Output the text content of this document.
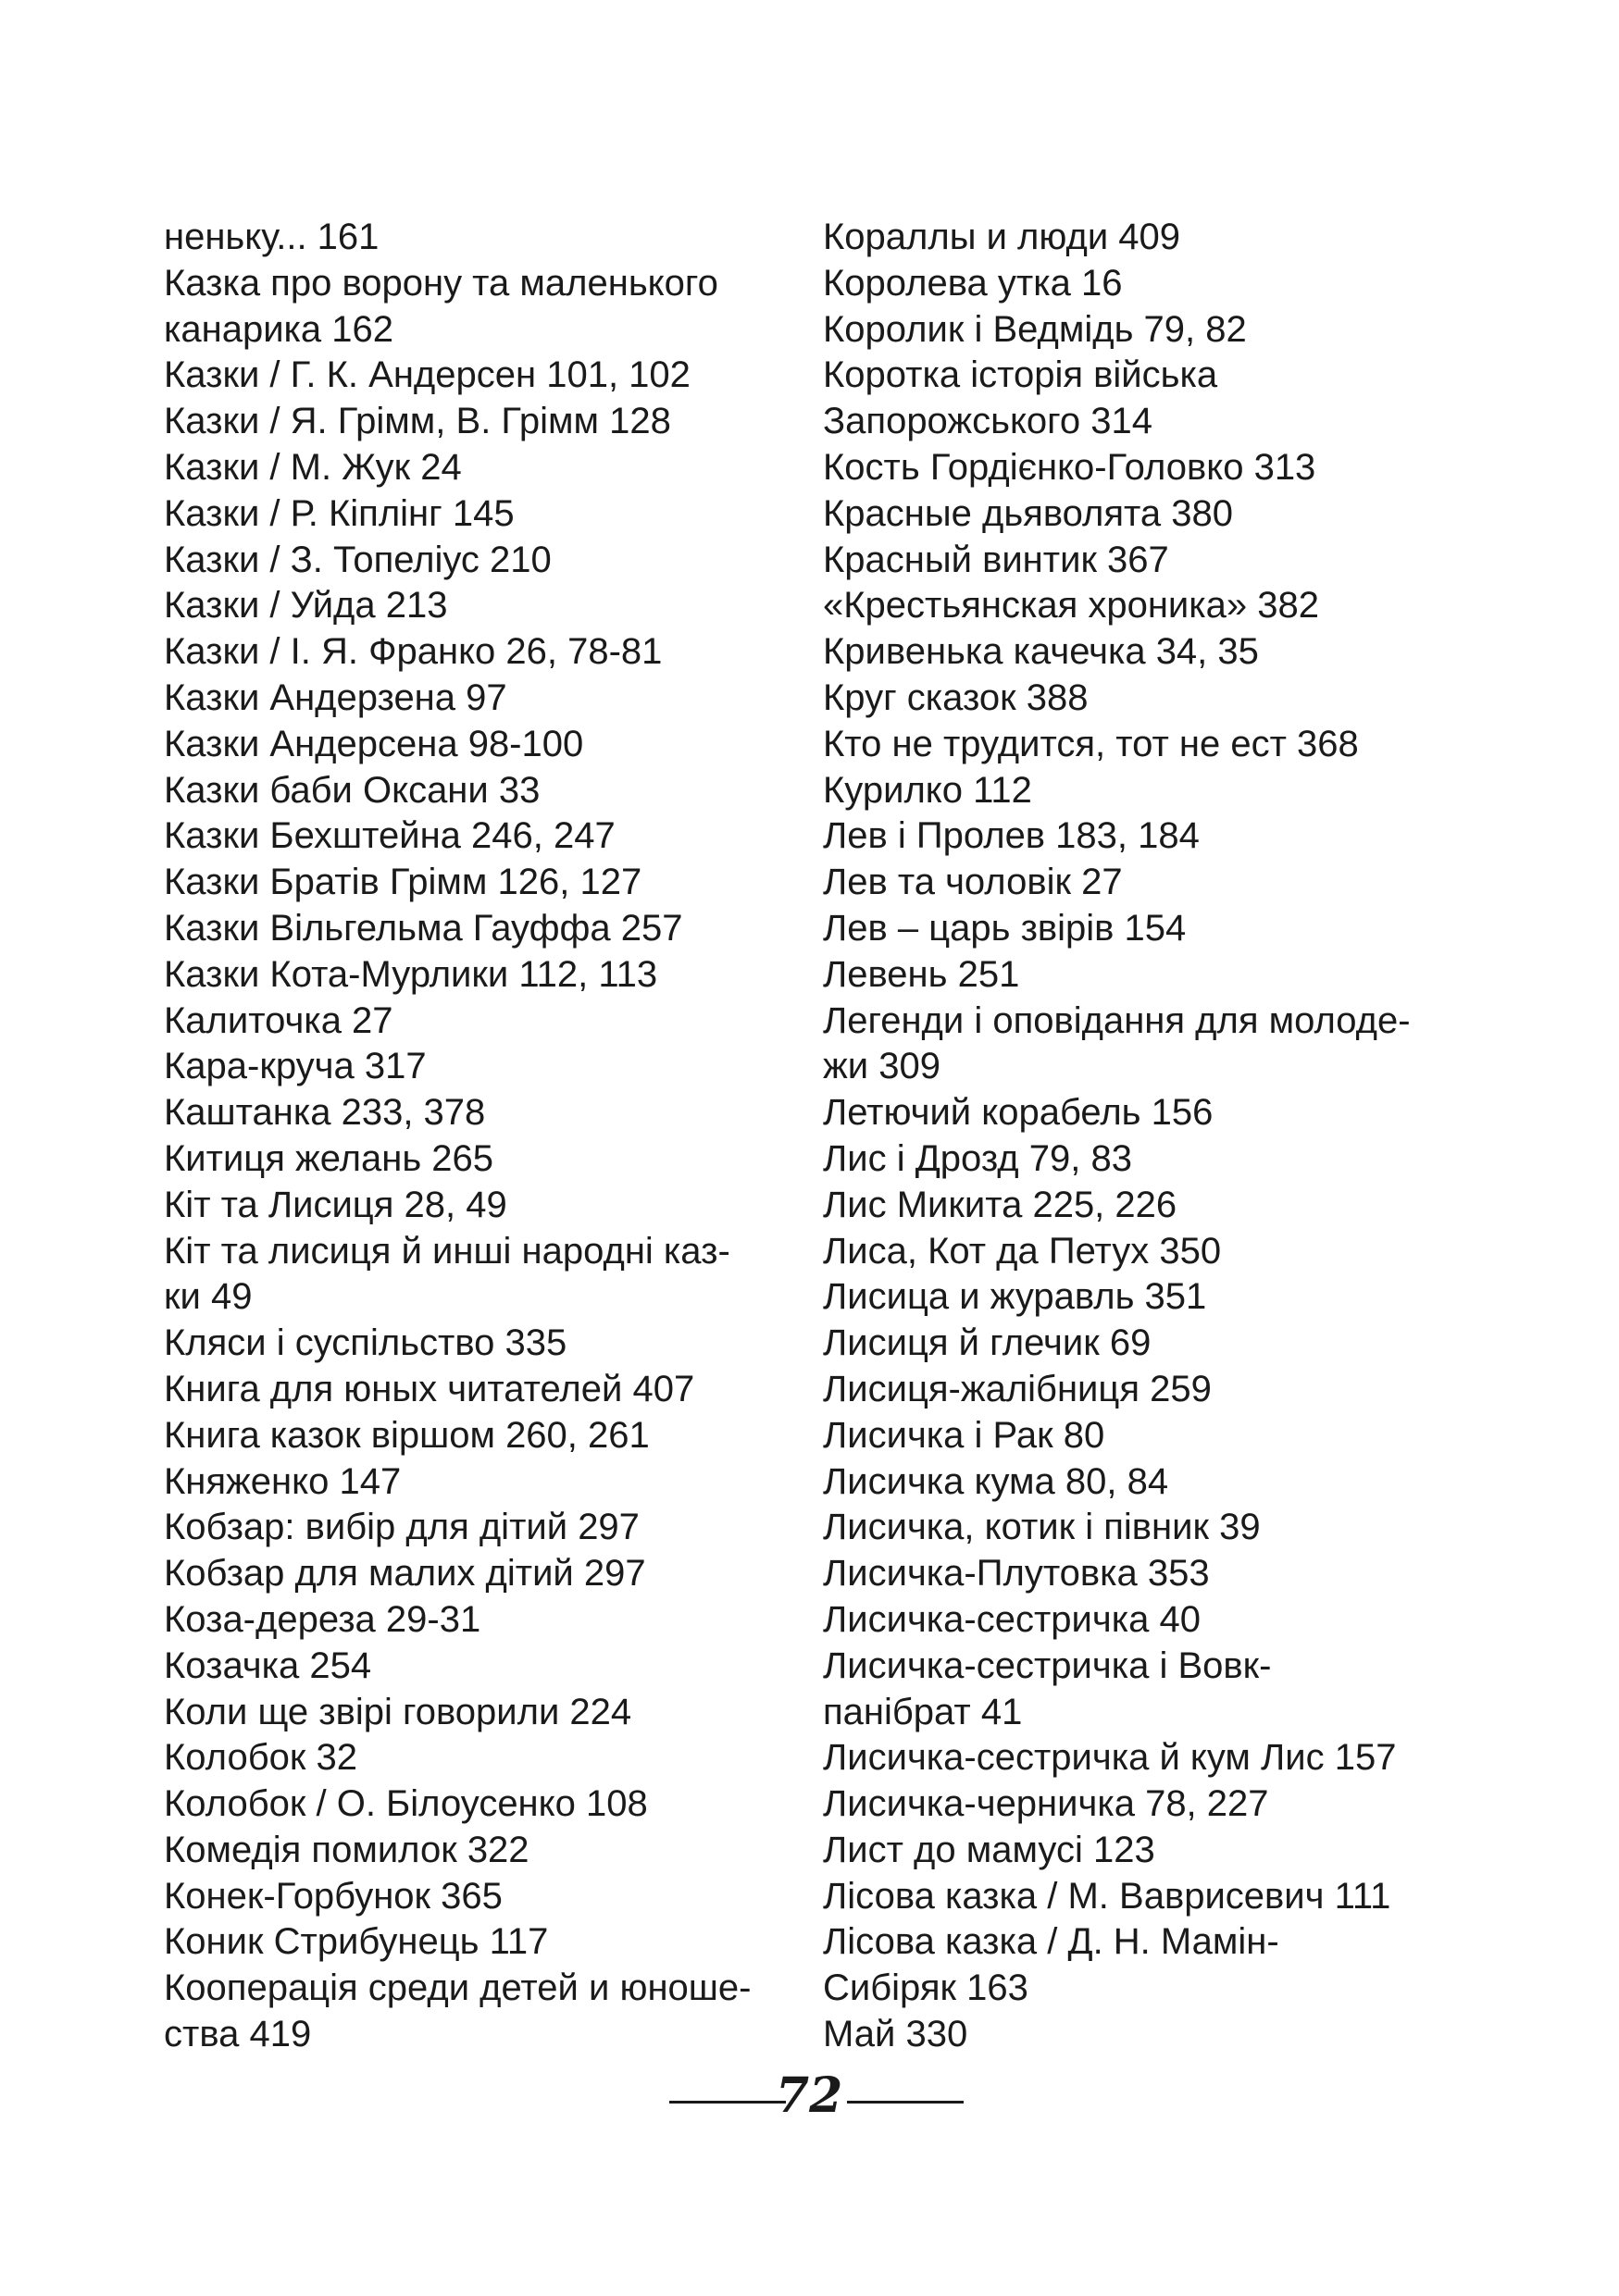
неньку... 161
Казка про ворону та маленького
канарика 162
Казки / Г. К. Андерсен 101, 102
Казки / Я. Грімм, В. Грімм 128
Казки / М. Жук 24
Казки / Р. Кіплінг 145
Казки / З. Топеліус 210
Казки / Уйда 213
Казки / І. Я. Франко 26, 78-81
Казки Андерзена 97
Казки Андерсена 98-100
Казки баби Оксани 33
Казки Бехштейна 246, 247
Казки Братів Грімм 126, 127
Казки Вільгельма Гауффа 257
Казки Кота-Мурлики 112, 113
Калиточка 27
Кара-круча 317
Каштанка 233, 378
Китиця желань 265
Кіт та Лисиця 28, 49
Кіт та лисиця й инші народні каз-
ки 49
Кляси і суспільство 335
Книга для юных читателей 407
Книга казок віршом 260, 261
Княженко 147
Кобзар: вибір для дітий 297
Кобзар для малих дітий 297
Коза-дереза 29-31
Козачка 254
Коли ще звірі говорили 224
Колобок 32
Колобок / О. Білоусенко 108
Комедія помилок 322
Конек-Горбунок 365
Коник Стрибунець 117
Кооперація среди детей и юноше-
ства 419
Кораллы и люди 409
Королева утка 16
Королик і Ведмідь 79, 82
Коротка історія війська
Запорожського 314
Кость Гордієнко-Головко 313
Красные дьяволята 380
Красный винтик 367
«Крестьянская хроника» 382
Кривенька качечка 34, 35
Круг сказок 388
Кто не трудится, тот не ест 368
Курилко 112
Лев і Пролев 183, 184
Лев та чоловік 27
Лев – царь звірів 154
Левень 251
Легенди і оповідання для молоде-
жи 309
Летючий корабель 156
Лис і Дрозд 79, 83
Лис Микита 225, 226
Лиса, Кот да Петух 350
Лисица и журавль 351
Лисиця й глечик 69
Лисиця-жалібниця 259
Лисичка і Рак 80
Лисичка кума 80, 84
Лисичка, котик і півник 39
Лисичка-Плутовка 353
Лисичка-сестричка 40
Лисичка-сестричка і Вовк-
панібрат 41
Лисичка-сестричка й кум Лис 157
Лисичка-черничка 78, 227
Лист до мамусі 123
Лісова казка / М. Ваврисевич 111
Лісова казка / Д. Н. Мамін-
Сибіряк 163
Май 330
72
